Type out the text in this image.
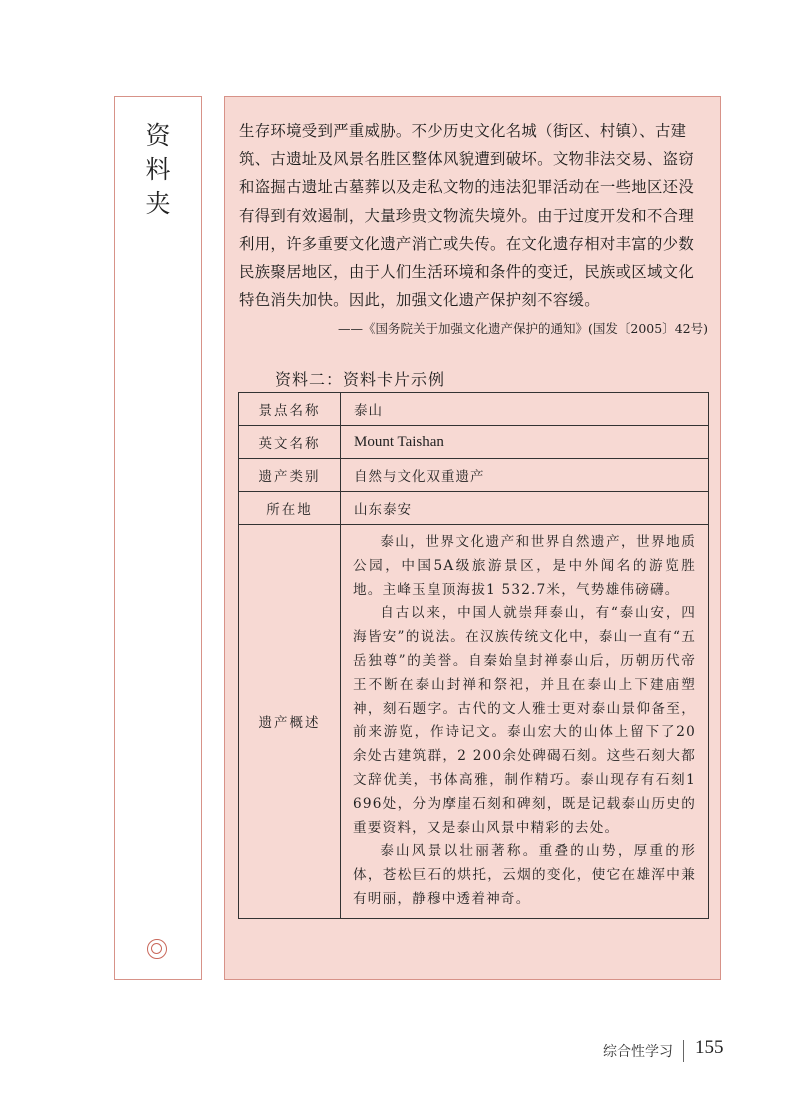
资
料
夹
生存环境受到严重威胁。不少历史文化名城（街区、村镇）、古建筑、古遗址及风景名胜区整体风貌遭到破坏。文物非法交易、盗窃和盗掘古遗址古墓葬以及走私文物的违法犯罪活动在一些地区还没有得到有效遏制，大量珍贵文物流失境外。由于过度开发和不合理利用，许多重要文化遗产消亡或失传。在文化遗存相对丰富的少数民族聚居地区，由于人们生活环境和条件的变迁，民族或区域文化特色消失加快。因此，加强文化遗产保护刻不容缓。
——《国务院关于加强文化遗产保护的通知》(国发〔2005〕42号)
资料二：资料卡片示例
景点名称	泰山
英文名称	Mount Taishan
遗产类别	自然与文化双重遗产
所在地	山东泰安
遗产概述	泰山，世界文化遗产和世界自然遗产，世界地质公园，中国5A级旅游景区，是中外闻名的游览胜地。主峰玉皇顶海拔1 532.7米，气势雄伟磅礴。

自古以来，中国人就崇拜泰山，有“泰山安，四海皆安”的说法。在汉族传统文化中，泰山一直有“五岳独尊”的美誉。自秦始皇封禅泰山后，历朝历代帝王不断在泰山封禅和祭祀，并且在泰山上下建庙塑神，刻石题字。古代的文人雅士更对泰山景仰备至，前来游览，作诗记文。泰山宏大的山体上留下了20余处古建筑群，2 200余处碑碣石刻。这些石刻大都文辞优美，书体高雅，制作精巧。泰山现存有石刻1 696处，分为摩崖石刻和碑刻，既是记载泰山历史的重要资料，又是泰山风景中精彩的去处。

泰山风景以壮丽著称。重叠的山势，厚重的形体，苍松巨石的烘托，云烟的变化，使它在雄浑中兼有明丽，静穆中透着神奇。

综合性学习 155
